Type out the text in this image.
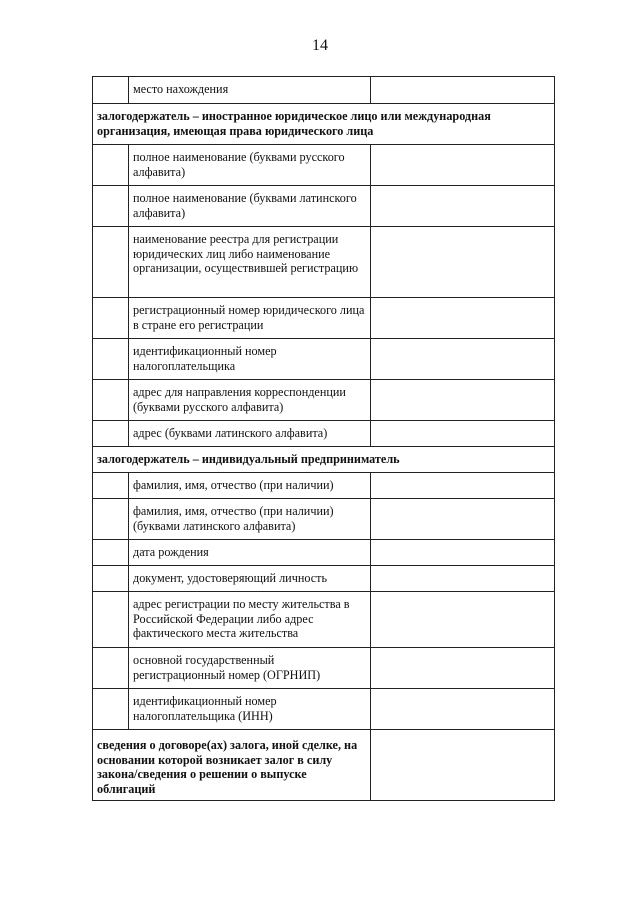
14
	место нахождения	
залогодержатель – иностранное юридическое лицо или международная организация, имеющая права юридического лица		
	полное наименование (буквами русского алфавита)	
	полное наименование (буквами латинского алфавита)	
	наименование реестра для регистрации юридических лиц либо наименование организации, осуществившей регистрацию	
	регистрационный номер юридического лица в стране его регистрации	
	идентификационный номер налогоплательщика	
	адрес для направления корреспонденции (буквами русского алфавита)	
	адрес (буквами латинского алфавита)	
залогодержатель – индивидуальный предприниматель		
	фамилия, имя, отчество (при наличии)	
	фамилия, имя, отчество (при наличии) (буквами латинского алфавита)	
	дата рождения	
	документ, удостоверяющий личность	
	адрес регистрации по месту жительства в Российской Федерации либо адрес фактического места жительства	
	основной государственный регистрационный номер (ОГРНИП)	
	идентификационный номер налогоплательщика (ИНН)	
сведения о договоре(ах) залога, иной сделке, на основании которой возникает залог в силу закона/сведения о решении о выпуске облигаций		
